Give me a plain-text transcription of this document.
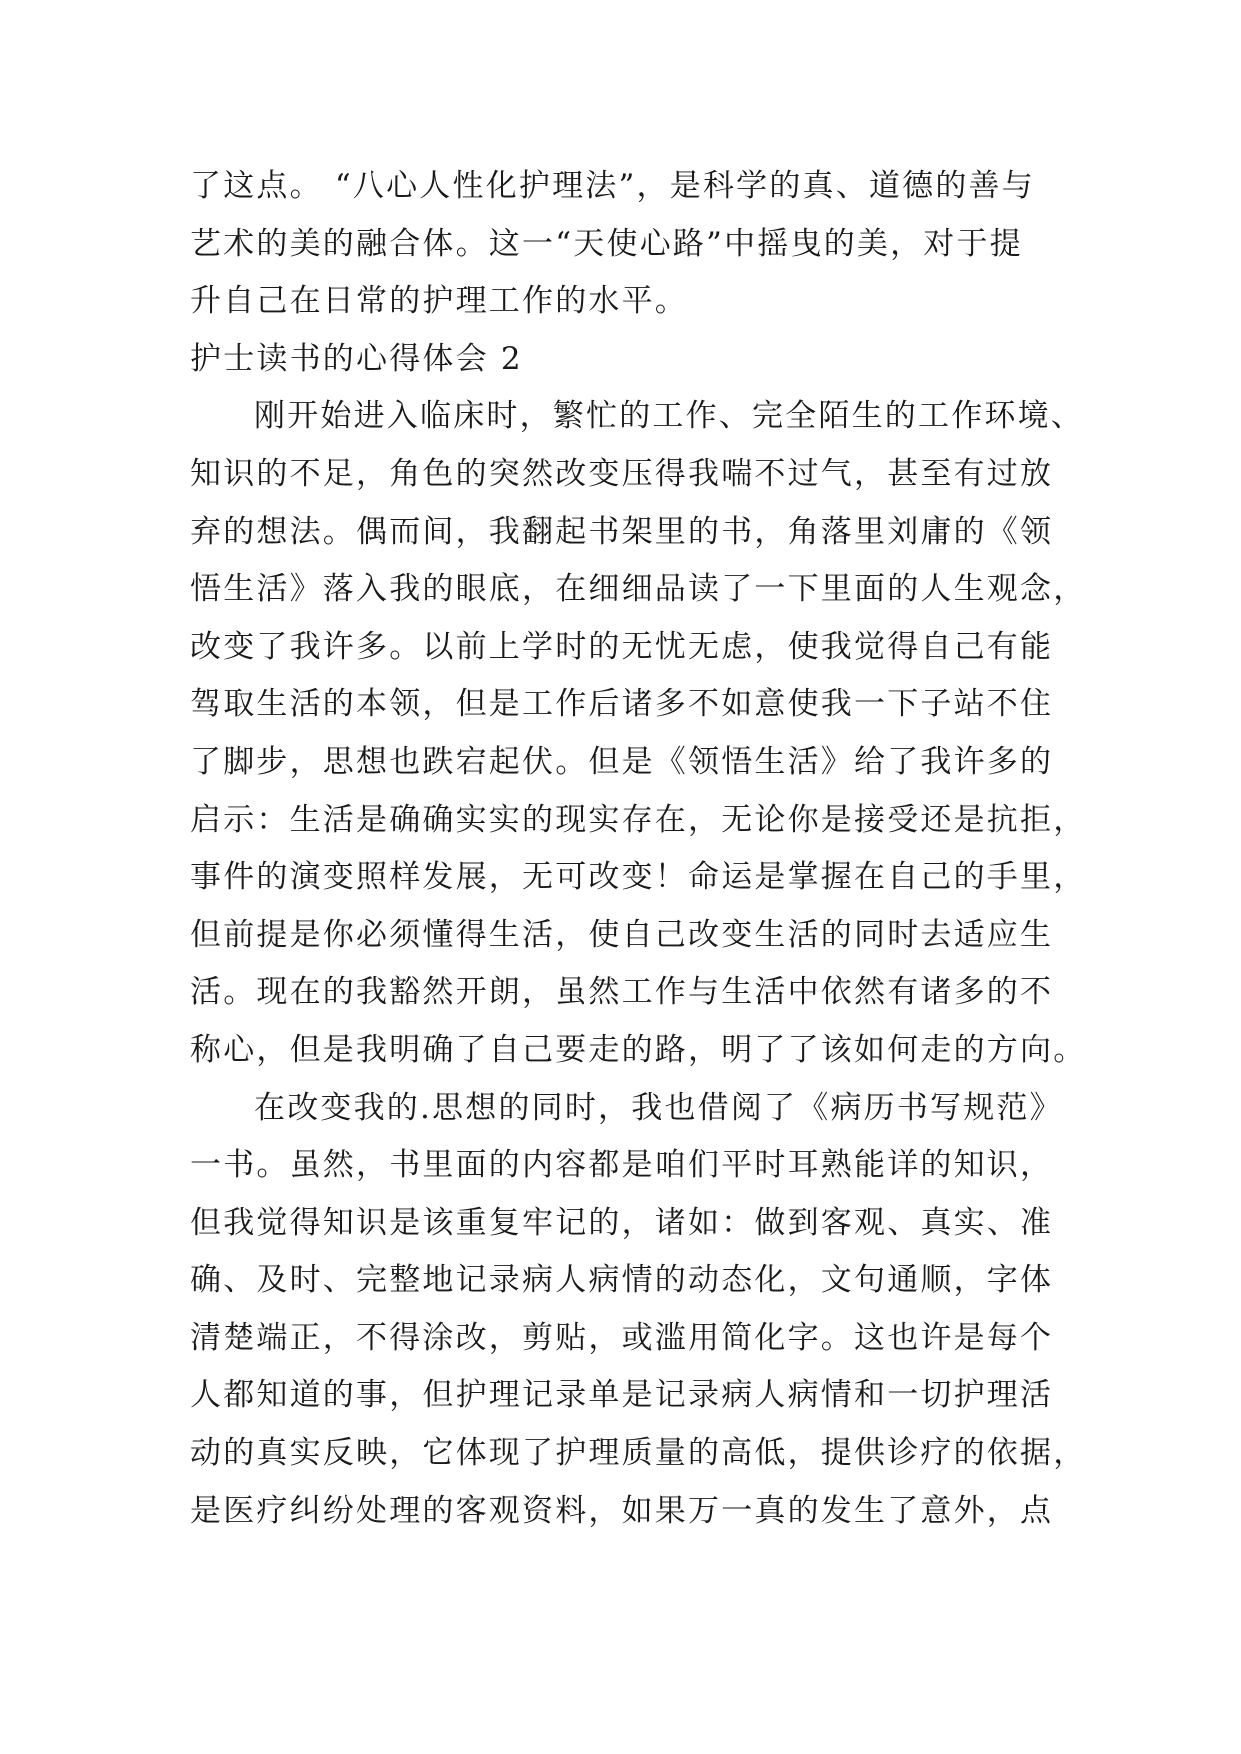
了这点。 “八心人性化护理法”，是科学的真、道德的善与
艺术的美的融合体。这一“天使心路”中摇曳的美，对于提
升自己在日常的护理工作的水平。
护士读书的心得体会 2
刚开始进入临床时，繁忙的工作、完全陌生的工作环境、
知识的不足，角色的突然改变压得我喘不过气，甚至有过放
弃的想法。偶而间，我翻起书架里的书，角落里刘庸的《领
悟生活》落入我的眼底，在细细品读了一下里面的人生观念，
改变了我许多。以前上学时的无忧无虑，使我觉得自己有能
驾取生活的本领，但是工作后诸多不如意使我一下子站不住
了脚步，思想也跌宕起伏。但是《领悟生活》给了我许多的
启示：生活是确确实实的现实存在，无论你是接受还是抗拒，
事件的演变照样发展，无可改变！命运是掌握在自己的手里，
但前提是你必须懂得生活，使自己改变生活的同时去适应生
活。现在的我豁然开朗，虽然工作与生活中依然有诸多的不
称心，但是我明确了自己要走的路，明了了该如何走的方向。
在改变我的.思想的同时，我也借阅了《病历书写规范》
一书。虽然，书里面的内容都是咱们平时耳熟能详的知识，
但我觉得知识是该重复牢记的，诸如：做到客观、真实、准
确、及时、完整地记录病人病情的动态化，文句通顺，字体
清楚端正，不得涂改，剪贴，或滥用简化字。这也许是每个
人都知道的事，但护理记录单是记录病人病情和一切护理活
动的真实反映，它体现了护理质量的高低，提供诊疗的依据，
是医疗纠纷处理的客观资料，如果万一真的发生了意外，点
